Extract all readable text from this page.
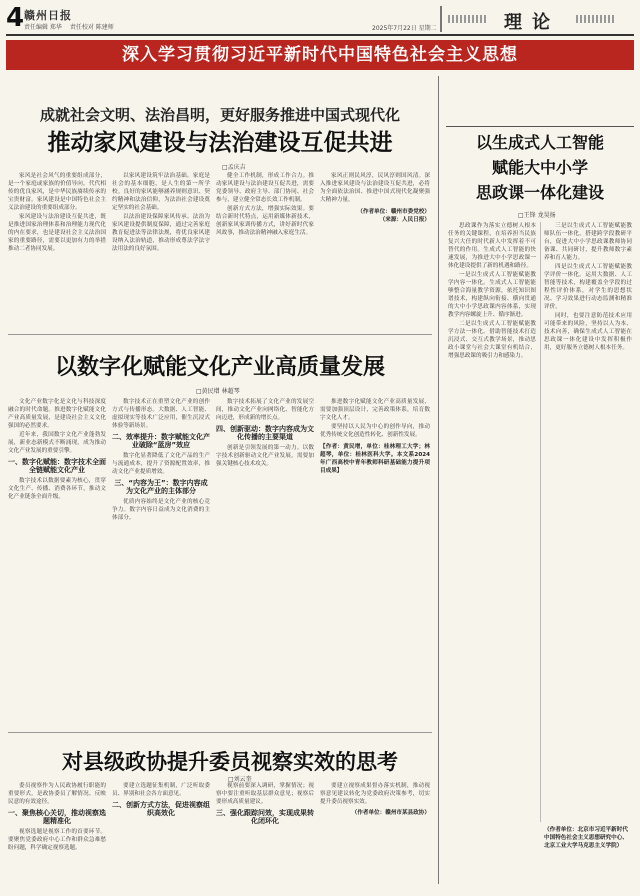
4 赣州日报
责任编辑 郑华 责任校对 陈建师	2025年7月22日 星期二	理论
深入学习贯彻习近平新时代中国特色社会主义思想
成就社会文明、法治昌明，更好服务推进中国式现代化
推动家风建设与法治建设互促共进
□孟庆吉

家风是社会风气的重要组成部分，是一个家庭或家族的价值导向。代代相传的优良家风，是中华民族赓续传承的宝贵财富。家风建设是中国特色社会主义法治建设的重要组成部分。

家风建设与法治建设互促共进，既是推进国家治理体系和治理能力现代化的内在要求，也是建设社会主义法治国家的重要路径，需要以更加有力的举措推动二者协同发展。

以家风建设筑牢法治基础。家庭是社会的基本细胞，是人生的第一所学校。良好的家风能够涵养规则意识、契约精神和法治信仰，为法治社会建设奠定坚实的社会基础。

以法治建设保障家风传承。法治为家风建设提供制度保障，通过完善家庭教育促进法等法律法规，将优良家风建设纳入法治轨道，推动形成尊法学法守法用法的良好氛围。

健全工作机制，形成工作合力。推动家风建设与法治建设互促共进，需要党委领导、政府主导、部门协同、社会参与，建立健全常态长效工作机制。

创新方式方法，增强实际效果。要结合新时代特点，运用新媒体新技术，创新家风家训传播方式，讲好新时代家风故事，推动法治精神融入家庭生活。

家风正则民风淳，民风淳则国风清。深入推进家风建设与法治建设互促共进，必将为全面依法治国、推进中国式现代化凝聚强大精神力量。

（作者单位：赣州市委党校）
（来源：人民日报）
以生成式人工智能
赋能大中小学
思政课一体化建设
□王锋 龙昊扬

思政课作为落实立德树人根本任务的关键课程，在培养担当民族复兴大任的时代新人中发挥着不可替代的作用。生成式人工智能的快速发展，为推进大中小学思政课一体化建设提供了新的机遇和路径。

一是以生成式人工智能赋能教学内容一体化。生成式人工智能能够整合海量教学资源，依托知识图谱技术，构建纵向衔接、横向贯通的大中小学思政课内容体系，实现教学内容螺旋上升、循序渐进。

二是以生成式人工智能赋能教学方法一体化。借助智能技术打造沉浸式、交互式教学场景，推动思政小课堂与社会大课堂有机结合，增强思政课的吸引力和感染力。

三是以生成式人工智能赋能教师队伍一体化。搭建跨学段教研平台，促进大中小学思政课教师协同备课、共同研讨，提升教师数字素养和育人能力。

四是以生成式人工智能赋能教学评价一体化。运用大数据、人工智能等技术，构建覆盖全学段的过程性评价体系，对学生的思想状况、学习效果进行动态监测和精准评价。

同时，也要注意防范技术应用可能带来的风险，坚持以人为本、技术向善，确保生成式人工智能在思政课一体化建设中发挥积极作用，更好服务立德树人根本任务。

（作者单位：北京市习近平新时代中国特色社会主义思想研究中心、北京工业大学马克思主义学院）
以数字化赋能文化产业高质量发展
□黄民增 林超琴

文化产业数字化是文化与科技深度融合的时代命题。推进数字化赋能文化产业高质量发展，是建设社会主义文化强国的必然要求。

近年来，我国数字文化产业蓬勃发展，新业态新模式不断涌现，成为推动文化产业发展的重要引擎。

一、数字化赋能：数字技术全面全链赋能文化产业

数字技术以数据要素为核心，贯穿文化生产、传播、消费各环节，推动文化产业链条全面升级。

数字技术正在重塑文化产业的创作方式与传播形态。大数据、人工智能、虚拟现实等技术广泛应用，催生沉浸式体验等新场景。

二、效率提升：数字赋能文化产业破除“蓝房”效应

数字化显著降低了文化产品的生产与流通成本，提升了资源配置效率，推动文化产业提质增效。

三、“内容为王”：数字内容成为文化产业的主体部分

优质内容始终是文化产业的核心竞争力。数字内容日益成为文化消费的主体部分。

数字技术拓展了文化产业的发展空间，推动文化产业向网络化、智能化方向迈进，形成新的增长点。

四、创新驱动：数字内容成为文化传播的主要渠道

创新是引领发展的第一动力。以数字技术创新驱动文化产业发展，需要加强关键核心技术攻关。

推进数字化赋能文化产业高质量发展，需要加强顶层设计，完善政策体系，培育数字文化人才。

要坚持以人民为中心的创作导向，推动优秀传统文化创造性转化、创新性发展。

【作者：黄民增，单位：桂林理工大学；林超琴，单位：桂林医科大学。本文系2024年广西高校中青年教师科研基础能力提升项目成果】
对县级政协提升委员视察实效的思考
□刘云奎

委员视察作为人民政协履行职能的重要形式，是政协委员了解情况、反映民意的有效途径。

一、聚焦核心关切，推动视察选题精准化

视察选题是视察工作的首要环节。要聚焦党委政府中心工作和群众急难愁盼问题，科学确定视察选题。

要建立选题征集机制，广泛听取委员、界别和社会各方面意见。

二、创新方式方法，促进视察组织高效化

视察前要深入调研，掌握情况；视察中要注重听取基层群众意见；视察后要形成高质量建议。

三、强化跟踪问效，实现成果转化闭环化

要建立视察成果督办落实机制，推动视察意见建议转化为党委政府决策参考，切实提升委员视察实效。

（作者单位：赣州市某县政协）
